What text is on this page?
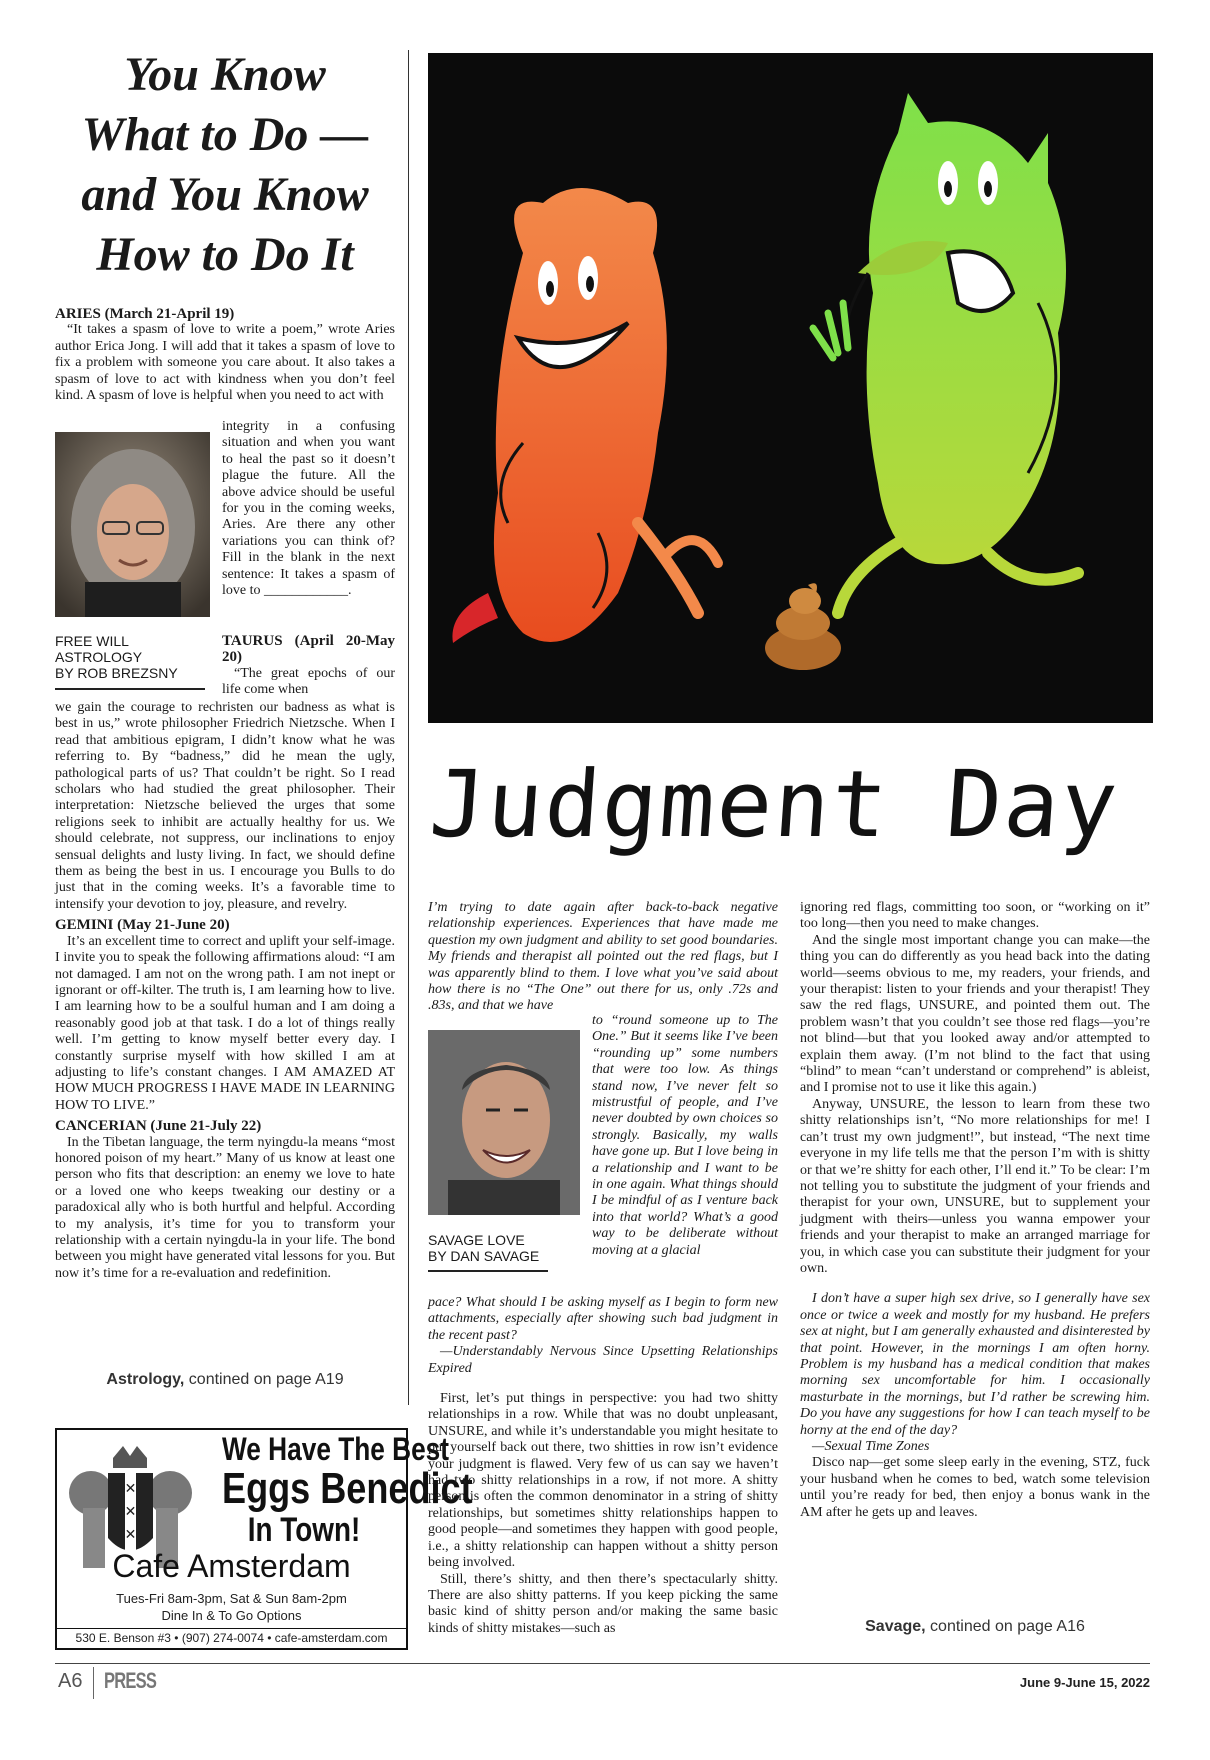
You Know
What to Do —
and You Know
How to Do It
ARIES (March 21-April 19)
“It takes a spasm of love to write a poem,” wrote Aries author Erica Jong. I will add that it takes a spasm of love to fix a problem with someone you care about. It also takes a spasm of love to act with kindness when you don’t feel kind. A spasm of love is helpful when you need to act with
integrity in a confusing situation and when you want to heal the past so it doesn’t plague the future. All the above advice should be useful for you in the coming weeks, Aries. Are there any other variations you can think of? Fill in the blank in the next sentence: It takes a spasm of love to ____________.
FREE WILL
ASTROLOGY
BY ROB BREZSNY
TAURUS (April 20-May 20)
“The great epochs of our life come when
we gain the courage to rechristen our badness as what is best in us,” wrote philosopher Friedrich Nietzsche. When I read that ambitious epigram, I didn’t know what he was referring to. By “badness,” did he mean the ugly, pathological parts of us? That couldn’t be right. So I read scholars who had studied the great philosopher. Their interpretation: Nietzsche believed the urges that some religions seek to inhibit are actually healthy for us. We should celebrate, not suppress, our inclinations to enjoy sensual delights and lusty living. In fact, we should define them as being the best in us. I encourage you Bulls to do just that in the coming weeks. It’s a favorable time to intensify your devotion to joy, pleasure, and revelry.
GEMINI (May 21-June 20)
It’s an excellent time to correct and uplift your self-image. I invite you to speak the following affirmations aloud: “I am not damaged. I am not on the wrong path. I am not inept or ignorant or off-kilter. The truth is, I am learning how to live. I am learning how to be a soulful human and I am doing a reasonably good job at that task. I do a lot of things really well. I’m getting to know myself better every day. I constantly surprise myself with how skilled I am at adjusting to life’s constant changes. I AM AMAZED AT HOW MUCH PROGRESS I HAVE MADE IN LEARNING HOW TO LIVE.”
CANCERIAN (June 21-July 22)
In the Tibetan language, the term nyingdu-la means “most honored poison of my heart.” Many of us know at least one person who fits that description: an enemy we love to hate or a loved one who keeps tweaking our destiny or a paradoxical ally who is both hurtful and helpful. According to my analysis, it’s time for you to transform your relationship with a certain nyingdu-la in your life. The bond between you might have generated vital lessons for you. But now it’s time for a re-evaluation and redefinition.
Astrology, contined on page A19
✕
✕
✕
We Have The Best
Eggs Benedict
In Town!
Cafe Amsterdam
Tues-Fri 8am-3pm, Sat & Sun 8am-2pm
Dine In & To Go Options
530 E. Benson #3 • (907) 274-0074 • cafe-amsterdam.com
Judgment Day
I’m trying to date again after back-to-back negative relationship experiences. Experiences that have made me question my own judgment and ability to set good boundaries. My friends and therapist all pointed out the red flags, but I was apparently blind to them. I love what you’ve said about how there is no “The One” out there for us, only .72s and .83s, and that we have
to “round someone up to The One.” But it seems like I’ve been “rounding up” some numbers that were too low. As things stand now, I’ve never felt so mistrustful of people, and I’ve never doubted by own choices so strongly. Basically, my walls have gone up. But I love being in a relationship and I want to be in one again. What things should I be mindful of as I venture back into that world? What’s a good way to be deliberate without moving at a glacial
SAVAGE LOVE
BY DAN SAVAGE
pace? What should I be asking myself as I begin to form new attachments, especially after showing such bad judgment in the recent past?
—Understandably Nervous Since Upsetting Relationships Expired
First, let’s put things in perspective: you had two shitty relationships in a row. While that was no doubt unpleasant, UNSURE, and while it’s understandable you might hesitate to put yourself back out there, two shitties in row isn’t evidence your judgment is flawed. Very few of us can say we haven’t had two shitty relationships in a row, if not more. A shitty person is often the common denominator in a string of shitty relationships, but sometimes shitty relationships happen to good people—and sometimes they happen with good people, i.e., a shitty relationship can happen without a shitty person being involved.
Still, there’s shitty, and then there’s spectacularly shitty. There are also shitty patterns. If you keep picking the same basic kind of shitty person and/or making the same basic kinds of shitty mistakes—such as
ignoring red flags, committing too soon, or “working on it” too long—then you need to make changes.
And the single most important change you can make—the thing you can do differently as you head back into the dating world—seems obvious to me, my readers, your friends, and your therapist: listen to your friends and your therapist! They saw the red flags, UNSURE, and pointed them out. The problem wasn’t that you couldn’t see those red flags—you’re not blind—but that you looked away and/or attempted to explain them away. (I’m not blind to the fact that using “blind” to mean “can’t understand or comprehend” is ableist, and I promise not to use it like this again.)
Anyway, UNSURE, the lesson to learn from these two shitty relationships isn’t, “No more relationships for me! I can’t trust my own judgment!”, but instead, “The next time everyone in my life tells me that the person I’m with is shitty or that we’re shitty for each other, I’ll end it.” To be clear: I’m not telling you to substitute the judgment of your friends and therapist for your own, UNSURE, but to supplement your judgment with theirs—unless you wanna empower your friends and your therapist to make an arranged marriage for you, in which case you can substitute their judgment for your own.
I don’t have a super high sex drive, so I generally have sex once or twice a week and mostly for my husband. He prefers sex at night, but I am generally exhausted and disinterested by that point. However, in the mornings I am often horny. Problem is my husband has a medical condition that makes morning sex uncomfortable for him. I occasionally masturbate in the mornings, but I’d rather be screwing him. Do you have any suggestions for how I can teach myself to be horny at the end of the day?
—Sexual Time Zones
Disco nap—get some sleep early in the evening, STZ, fuck your husband when he comes to bed, watch some television until you’re ready for bed, then enjoy a bonus wank in the AM after he gets up and leaves.
Savage, contined on page A16
A6 PRESS	June 9-June 15, 2022
